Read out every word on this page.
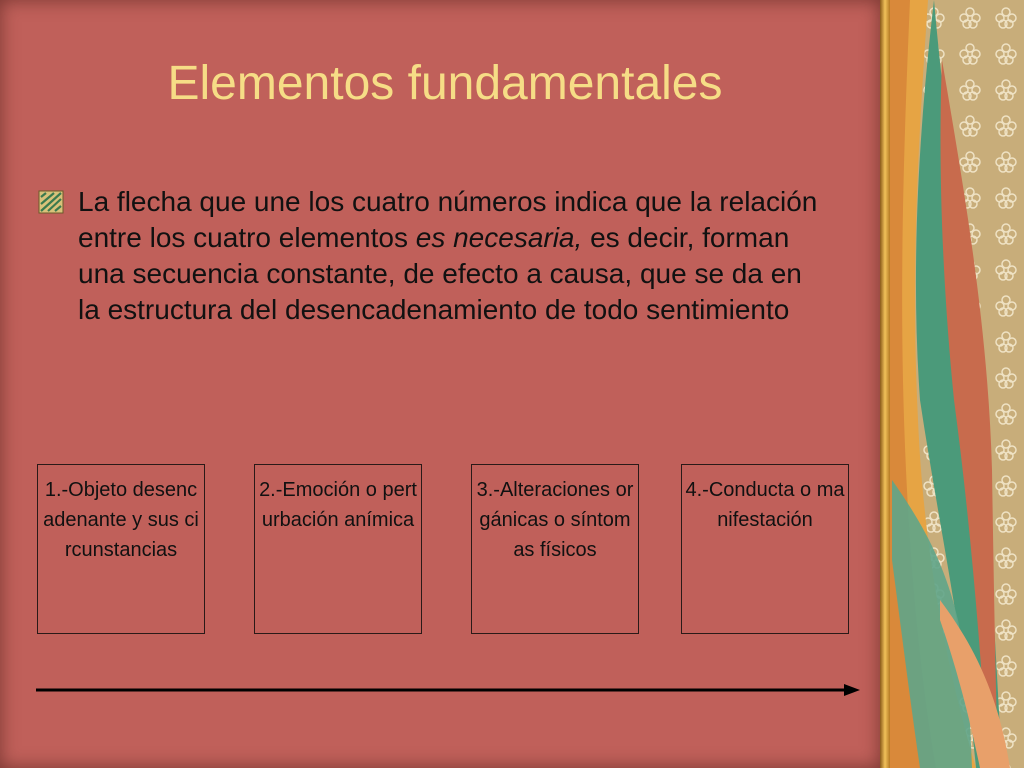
Elementos fundamentales

La flecha que une los cuatro números indica que la relación entre los cuatro elementos es necesaria, es decir, forman una secuencia constante, de efecto a causa, que se da en la estructura del desencadenamiento de todo sentimiento

1.-Objeto desencadenante y sus circunstancias
2.-Emoción o perturbación anímica
3.-Alteraciones orgánicas o síntomas físicos
4.-Conducta o manifestación
